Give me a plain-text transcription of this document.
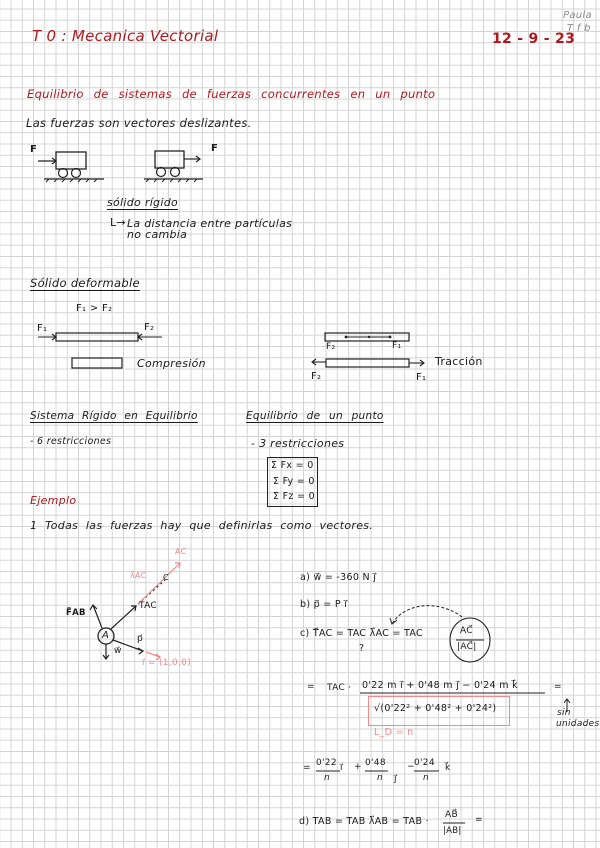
T 0 : Mecanica Vectorial	12 - 9 - 23
Paula
T f b
Equilibrio de sistemas de fuerzas concurrentes en un punto
Las fuerzas son vectores deslizantes.
F	F
sólido rígido
L→ La distancia entre partículas
no cambia
Sólido deformable
F₁ > F₂
F₁	F₂
Compresión
F₂	F₁
F₂	F₁
Tracción
Sistema Rígido en Equilibrio
- 6 restricciones
Equilibrio de un punto
- 3 restricciones
Σ Fx = 0
Σ Fy = 0
Σ Fz = 0
Ejemplo
1 Todas las fuerzas hay que definirlas como vectores.
A
F⃗AB
TAC
w⃗
p⃗
λ⃗AC C
AC
i⃗ = (1,0,0)
a) w⃗ = -360 N j⃗
b) p⃗ = P i⃗
c) T⃗AC = TAC λ⃗AC = TAC
?
AC⃗
|AC⃗|
= TAC · 0'22 m i⃗ + 0'48 m j⃗ − 0'24 m k⃗
√(0'22² + 0'48² + 0'24²)
=
L_D = n
sin
unidades
= 0'22
n
i⃗ + 0'48
n j⃗
− 0'24
n
k⃗
d) TAB = TAB λ⃗AB = TAB ·
AB⃗
|AB|
=
